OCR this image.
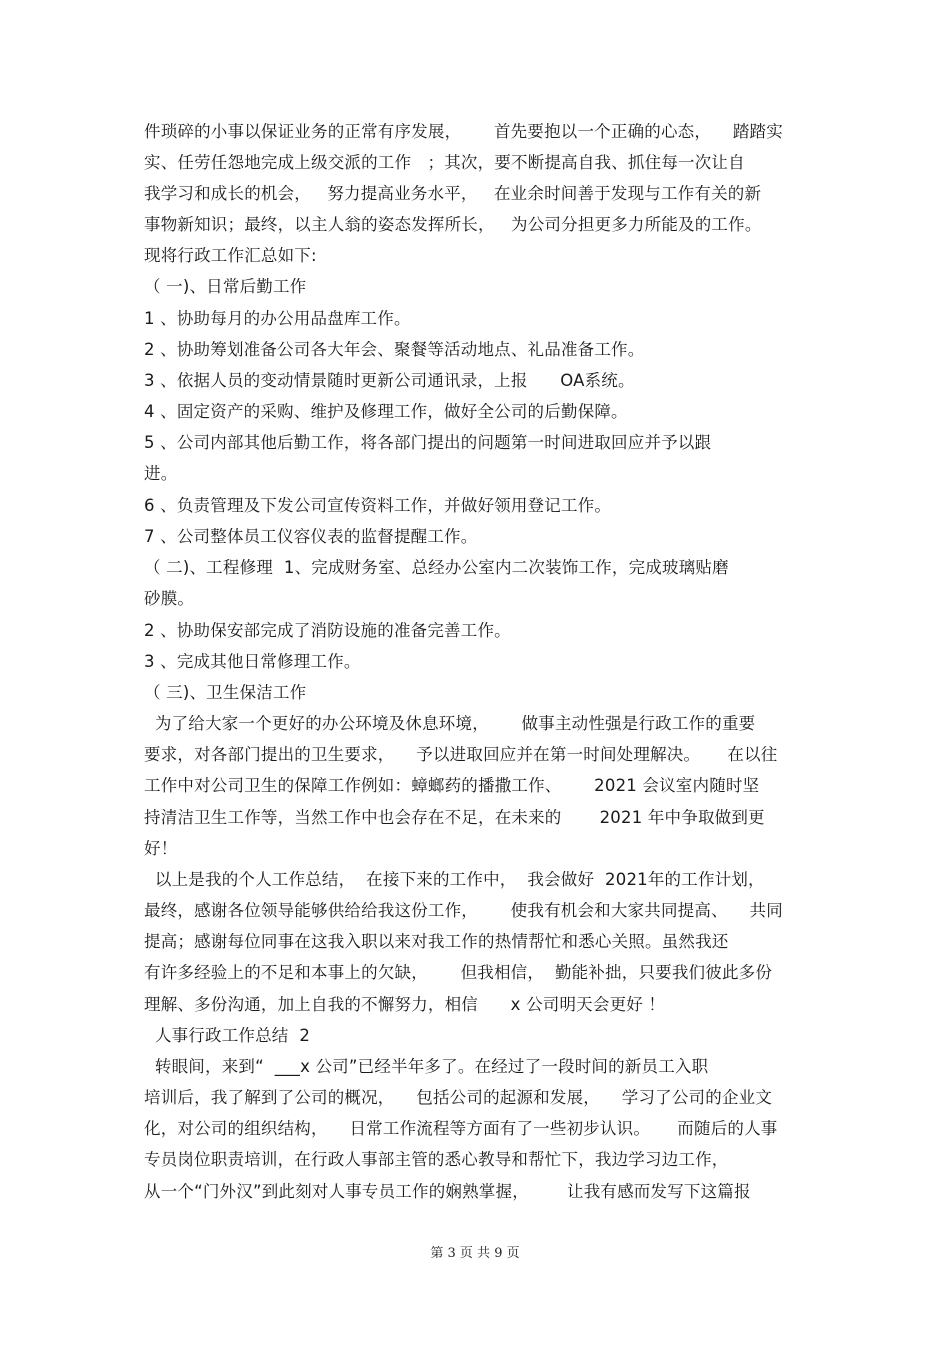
件琐碎的小事以保证业务的正常有序发展，      首先要抱以一个正确的心态，    踏踏实
实、任劳任怨地完成上级交派的工作   ；其次，要不断提高自我、抓住每一次让自
我学习和成长的机会，   努力提高业务水平，   在业余时间善于发现与工作有关的新
事物新知识；最终，以主人翁的姿态发挥所长，   为公司分担更多力所能及的工作。
现将行政工作汇总如下:
（ 一)、日常后勤工作
1 、协助每月的办公用品盘库工作。
2 、协助筹划准备公司各大年会、聚餐等活动地点、礼品准备工作。
3 、依据人员的变动情景随时更新公司通讯录，上报      OA系统。
4 、固定资产的采购、维护及修理工作，做好全公司的后勤保障。
5 、公司内部其他后勤工作，将各部门提出的问题第一时间进取回应并予以跟
进。
6 、负责管理及下发公司宣传资料工作，并做好领用登记工作。
7 、公司整体员工仪容仪表的监督提醒工作。
（ 二)、工程修理  1、完成财务室、总经办公室内二次装饰工作，完成玻璃贴磨
砂膜。
2 、协助保安部完成了消防设施的准备完善工作。
3 、完成其他日常修理工作。
（ 三)、卫生保洁工作
为了给大家一个更好的办公环境及休息环境，      做事主动性强是行政工作的重要
要求，对各部门提出的卫生要求，    予以进取回应并在第一时间处理解决。     在以往
工作中对公司卫生的保障工作例如：蟑螂药的播撒工作、      2021 会议室内随时坚
持清洁卫生工作等，当然工作中也会存在不足，在未来的       2021 年中争取做到更
好！
以上是我的个人工作总结，  在接下来的工作中，  我会做好  2021年的工作计划，
最终，感谢各位领导能够供给给我这份工作，      使我有机会和大家共同提高、    共同
提高；感谢每位同事在这我入职以来对我工作的热情帮忙和悉心关照。虽然我还
有许多经验上的不足和本事上的欠缺，      但我相信，  勤能补拙，只要我们彼此多份
理解、多份沟通，加上自我的不懈努力，相信      x 公司明天会更好 ！
人事行政工作总结  2
转眼间，来到“  ___x 公司”已经半年多了。在经过了一段时间的新员工入职
培训后，我了解到了公司的概况，    包括公司的起源和发展，    学习了公司的企业文
化，对公司的组织结构，    日常工作流程等方面有了一些初步认识。     而随后的人事
专员岗位职责培训，在行政人事部主管的悉心教导和帮忙下，我边学习边工作，
从一个“门外汉”到此刻对人事专员工作的娴熟掌握，       让我有感而发写下这篇报
第 3 页 共 9 页
